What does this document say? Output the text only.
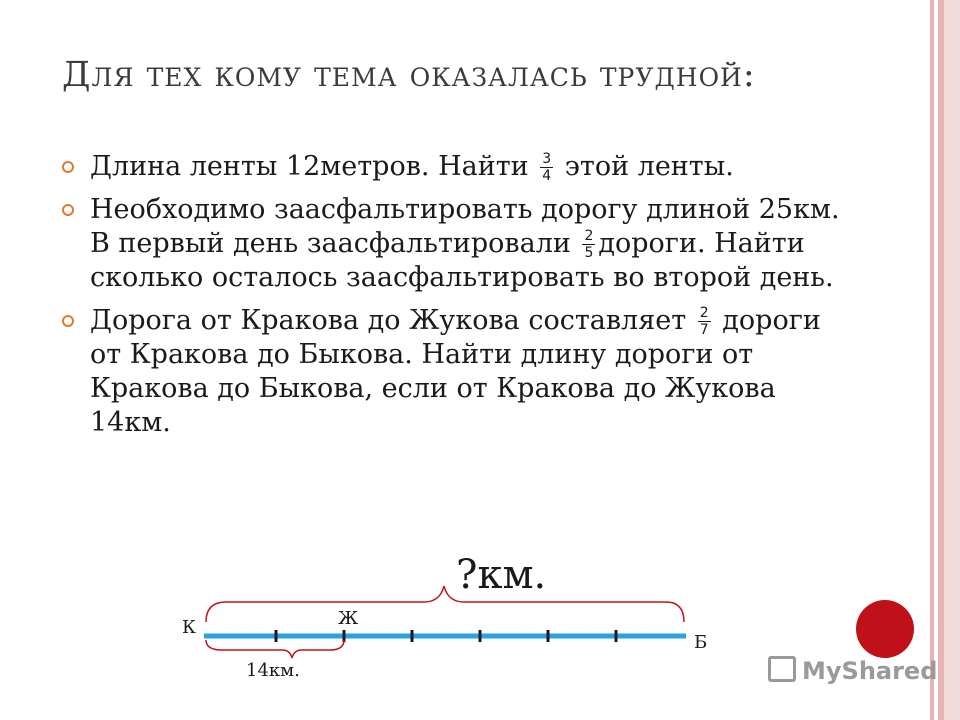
Для тех кому тема оказалась трудной:
Длина ленты 12метров. Найти $\frac{3}{4}$ этой ленты.
Необходимо заасфальтировать дорогу длиной 25км. В первый день заасфальтировали $\frac{2}{5}$ дороги. Найти сколько осталось заасфальтировать во второй день.
Дорога от Кракова до Жукова составляет $\frac{2}{7}$ дороги от Кракова до Быкова. Найти длину дороги от Кракова до Быкова, если от Кракова до Жукова 14км.
?км.
К	Ж
Б
14км.	MyShared
